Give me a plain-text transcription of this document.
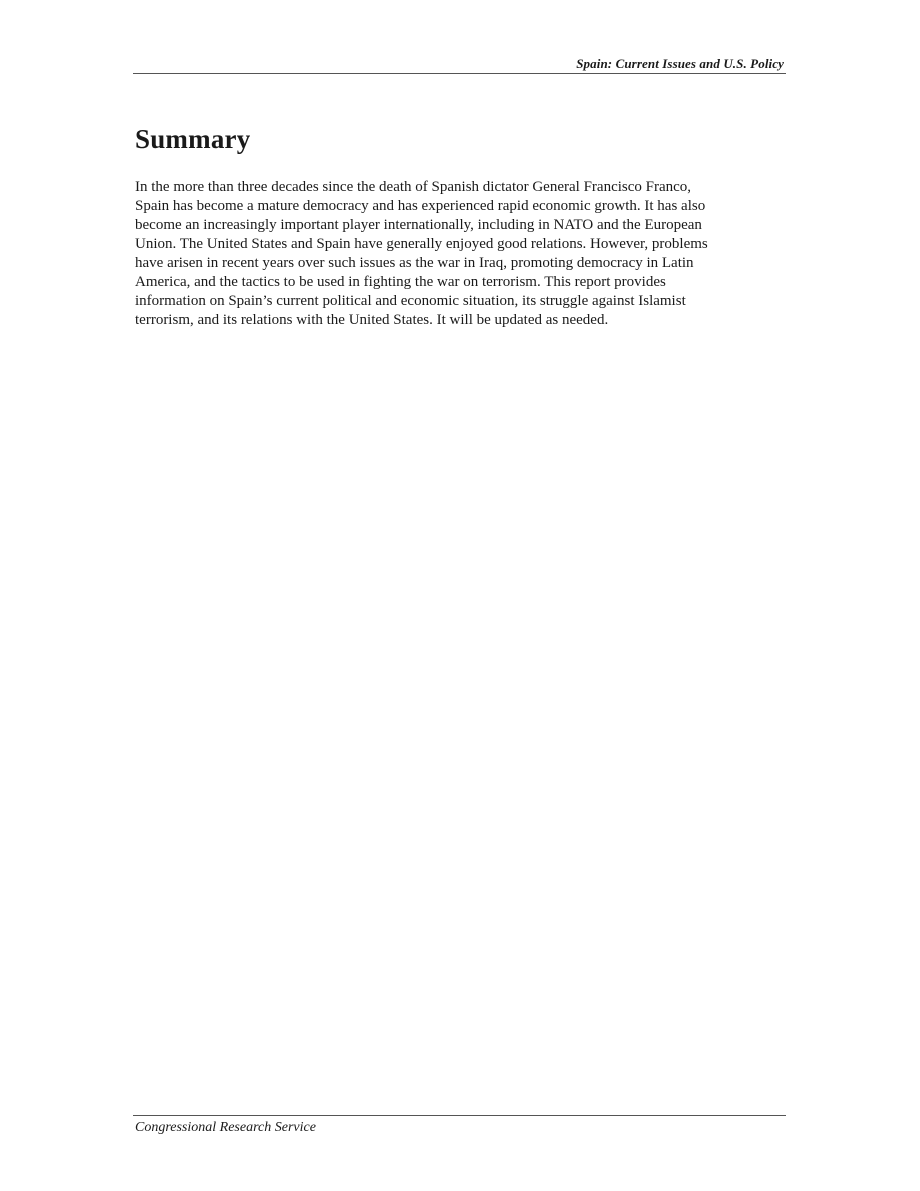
Spain: Current Issues and U.S. Policy
Summary

In the more than three decades since the death of Spanish dictator General Francisco Franco,
Spain has become a mature democracy and has experienced rapid economic growth. It has also
become an increasingly important player internationally, including in NATO and the European
Union. The United States and Spain have generally enjoyed good relations. However, problems
have arisen in recent years over such issues as the war in Iraq, promoting democracy in Latin
America, and the tactics to be used in fighting the war on terrorism. This report provides
information on Spain’s current political and economic situation, its struggle against Islamist
terrorism, and its relations with the United States. It will be updated as needed.

Congressional Research Service
